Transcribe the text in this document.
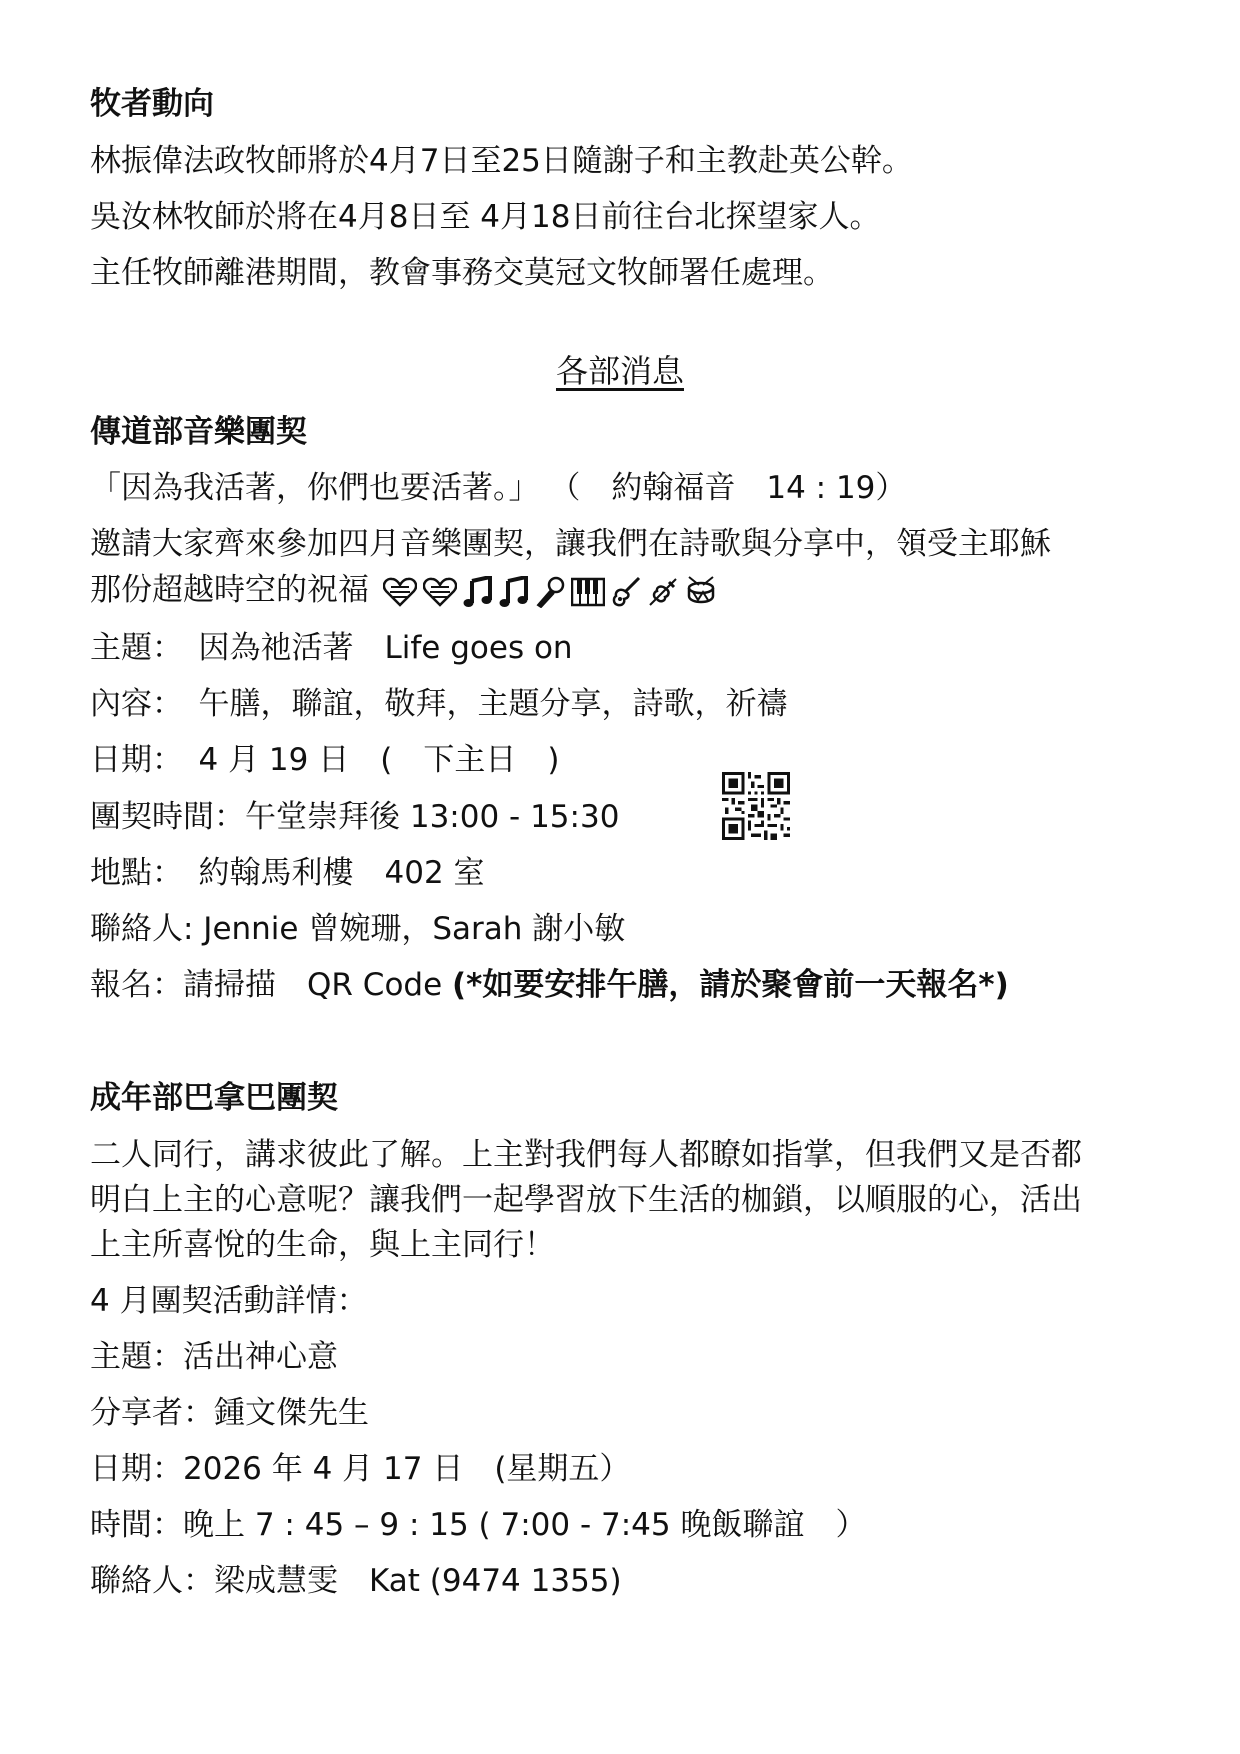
牧者動向

林振偉法政牧師將於4月7日至25日隨謝子和主教赴英公幹。

吳汝林牧師於將在4月8日至 4月18日前往台北探望家人。

主任牧師離港期間，教會事務交莫冠文牧師署任處理。

各部消息

傳道部音樂團契

「因為我活著，你們也要活著。」 （　約翰福音　14 : 19）

邀請大家齊來參加四月音樂團契，讓我們在詩歌與分享中，領受主耶穌

那份超越時空的祝福

主題：　因為祂活著　Life goes on

內容：　午膳，聯誼，敬拜，主題分享，詩歌，祈禱

日期：　4 月 19 日　(　下主日　)

團契時間：午堂崇拜後 13:00 - 15:30

地點：　約翰馬利樓　402 室

聯絡人: Jennie 曾婉珊，Sarah 謝小敏

報名：請掃描　QR Code (*如要安排午膳，請於聚會前一天報名*)

成年部巴拿巴團契

二人同行，講求彼此了解。上主對我們每人都瞭如指掌，但我們又是否都

明白上主的心意呢？讓我們一起學習放下生活的枷鎖，以順服的心，活出

上主所喜悅的生命，與上主同行！

4 月團契活動詳情：

主題：活出神心意

分享者：鍾文傑先生

日期：2026 年 4 月 17 日　(星期五）

時間：晚上 7 : 45 – 9 : 15 ( 7:00 - 7:45 晚飯聯誼　）

聯絡人：梁成慧雯　Kat (9474 1355)
